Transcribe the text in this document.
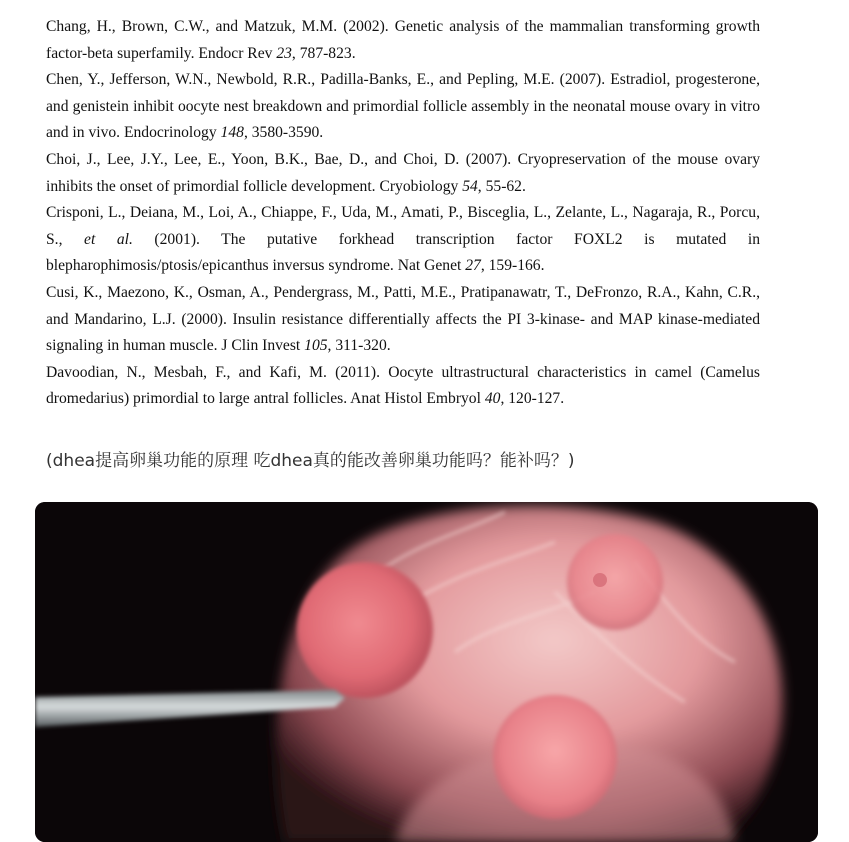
Chang, H., Brown, C.W., and Matzuk, M.M. (2002). Genetic analysis of the mammalian transforming growth factor-beta superfamily. Endocr Rev 23, 787-823.

Chen, Y., Jefferson, W.N., Newbold, R.R., Padilla-Banks, E., and Pepling, M.E. (2007). Estradiol, progesterone, and genistein inhibit oocyte nest breakdown and primordial follicle assembly in the neonatal mouse ovary in vitro and in vivo. Endocrinology 148, 3580-3590.

Choi, J., Lee, J.Y., Lee, E., Yoon, B.K., Bae, D., and Choi, D. (2007). Cryopreservation of the mouse ovary inhibits the onset of primordial follicle development. Cryobiology 54, 55-62.

Crisponi, L., Deiana, M., Loi, A., Chiappe, F., Uda, M., Amati, P., Bisceglia, L., Zelante, L., Nagaraja, R., Porcu, S., et al. (2001). The putative forkhead transcription factor FOXL2 is mutated in blepharophimosis/ptosis/epicanthus inversus syndrome. Nat Genet 27, 159-166.

Cusi, K., Maezono, K., Osman, A., Pendergrass, M., Patti, M.E., Pratipanawatr, T., DeFronzo, R.A., Kahn, C.R., and Mandarino, L.J. (2000). Insulin resistance differentially affects the PI 3-kinase- and MAP kinase-mediated signaling in human muscle. J Clin Invest 105, 311-320.

Davoodian, N., Mesbah, F., and Kafi, M. (2011). Oocyte ultrastructural characteristics in camel (Camelus dromedarius) primordial to large antral follicles. Anat Histol Embryol 40, 120-127.

(dhea提高卵巢功能的原理 吃dhea真的能改善卵巢功能吗？能补吗？)
